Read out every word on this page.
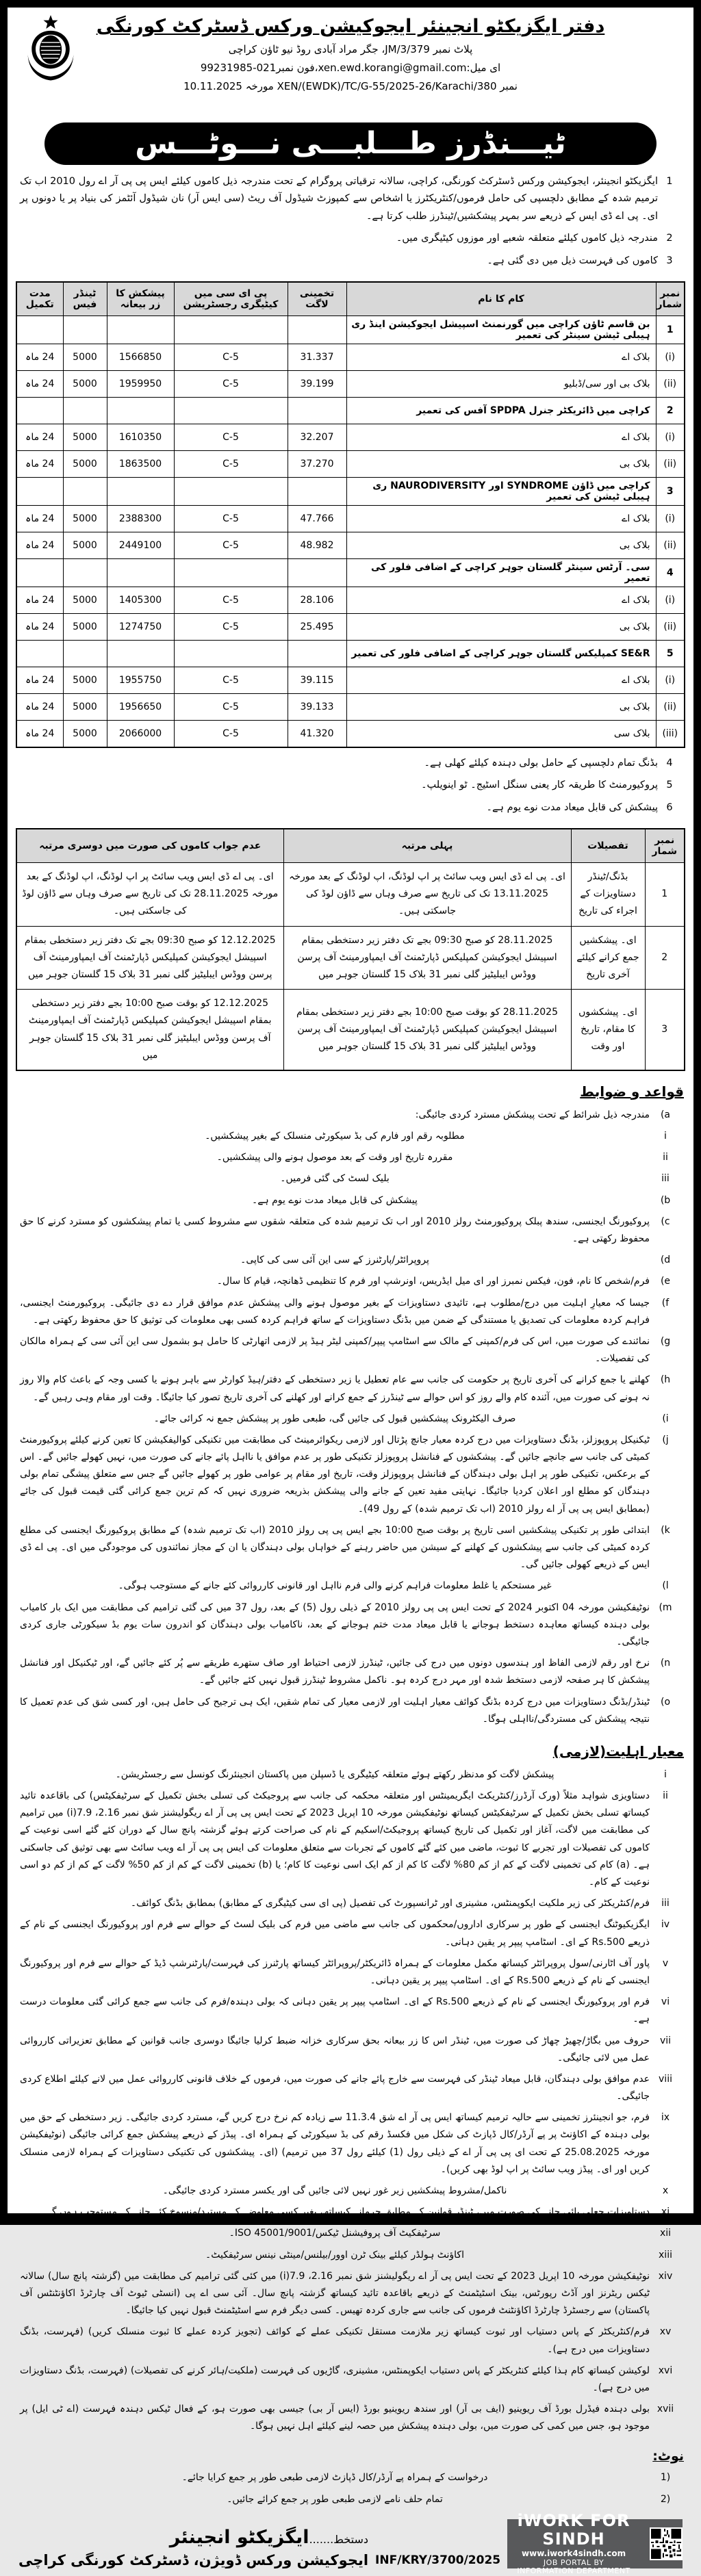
دفتر ایگزیکٹو انجینئر ایجوکیشن ورکس ڈسٹرکٹ کورنگی
پلاٹ نمبر JM/3/379، جگر مراد آبادی روڈ نیو ٹاؤن کراچی
ای میل:xen.ewd.korangi@gmail.com،فون نمبر021-99231985
نمبر XEN/(EWDK)/TC/G-55/2025-26/Karachi/380 مورخہ 10.11.2025
ٹیـــنڈرز طـــلبـــی نـــوٹـــس
1
ایگزیکٹو انجینئر، ایجوکیشن ورکس ڈسٹرکٹ کورنگی، کراچی، سالانہ ترقیاتی پروگرام کے تحت مندرجہ ذیل کاموں کیلئے ایس پی پی آر اے رول 2010 اب تک ترمیم شدہ کے مطابق دلچسپی کی حامل فرموں/کنٹریکٹرز یا اشخاص سے کمپوزٹ شیڈول آف ریٹ (سی ایس آر) نان شیڈول آئٹمز کی بنیاد پر یا دونوں پر ای۔ پی اے ڈی ایس کے ذریعے سر بمہر پیشکشیں/ٹینڈرز طلب کرتا ہے۔
2
مندرجہ ذیل کاموں کیلئے متعلقہ شعبے اور موزوں کیٹیگری میں۔
3
کاموں کی فہرست ذیل میں دی گئی ہے۔
نمبر شمار	کام کا نام	تخمینی لاگت	پی ای سی میں کیٹیگری رجسٹریشن	پیشکش کا زر بیعانہ	ٹینڈر فیس	مدت تکمیل
1	بن قاسم ٹاؤن کراچی میں گورنمنٹ اسپیشل ایجوکیشن اینڈ ری ہیبلی ٹیشن سینٹر کی تعمیر					
(i)	بلاک اے	31.337	C-5	1566850	5000	24 ماہ
(ii)	بلاک بی اور سی/ڈبلیو	39.199	C-5	1959950	5000	24 ماہ
2	کراچی میں ڈائریکٹر جنرل SPDPA آفس کی تعمیر					
(i)	بلاک اے	32.207	C-5	1610350	5000	24 ماہ
(ii)	بلاک بی	37.270	C-5	1863500	5000	24 ماہ
3	کراچی میں ڈاؤن SYNDROME اور NAURODIVERSITY ری ہیبلی ٹیشن کی تعمیر					
(i)	بلاک اے	47.766	C-5	2388300	5000	24 ماہ
(ii)	بلاک بی	48.982	C-5	2449100	5000	24 ماہ
4	سی۔ آرٹس سینٹر گلستان جوہر کراچی کے اضافی فلور کی تعمیر					
(i)	بلاک اے	28.106	C-5	1405300	5000	24 ماہ
(ii)	بلاک بی	25.495	C-5	1274750	5000	24 ماہ
5	SE&R کمپلیکس گلستان جوہر کراچی کے اضافی فلور کی تعمیر					
(i)	بلاک اے	39.115	C-5	1955750	5000	24 ماہ
(ii)	بلاک بی	39.133	C-5	1956650	5000	24 ماہ
(iii)	بلاک سی	41.320	C-5	2066000	5000	24 ماہ
4
بڈنگ تمام دلچسپی کے حامل بولی دہندہ کیلئے کھلی ہے۔
5
پروکیورمنٹ کا طریقہ کار یعنی سنگل اسٹیج۔ ٹو اینویلپ۔
6
پیشکش کی قابل میعاد مدت نوے یوم ہے۔
نمبر شمار	تفصیلات	پہلی مرتبہ	عدم جواب کاموں کی صورت میں دوسری مرتبہ
1	بڈنگ/ٹینڈر دستاویزات کے اجراء کی تاریخ	ای۔ پی اے ڈی ایس ویب سائٹ پر اپ لوڈنگ، اپ لوڈنگ کے بعد مورخہ 13.11.2025 تک کی تاریخ سے صرف وہاں سے ڈاؤن لوڈ کی جاسکتی ہیں۔	ای۔ پی اے ڈی ایس ویب سائٹ پر اپ لوڈنگ، اپ لوڈنگ کے بعد مورخہ 28.11.2025 تک کی تاریخ سے صرف وہاں سے ڈاؤن لوڈ کی جاسکتی ہیں۔
2	ای۔ پیشکشیں جمع کرانے کیلئے آخری تاریخ	28.11.2025 کو صبح 09:30 بجے تک دفتر زیر دستخطی بمقام اسپیشل ایجوکیشن کمپلیکس ڈپارٹمنٹ آف ایمپاورمینٹ آف پرسن ووڈس ایبلیٹیز گلی نمبر 31 بلاک 15 گلستان جوہر میں	12.12.2025 کو صبح 09:30 بجے تک دفتر زیر دستخطی بمقام اسپیشل ایجوکیشن کمپلیکس ڈپارٹمنٹ آف ایمپاورمینٹ آف پرسن ووڈس ایبلیٹیز گلی نمبر 31 بلاک 15 گلستان جوہر میں
3	ای۔ پیشکشوں کا مقام، تاریخ اور وقت	28.11.2025 کو بوقت صبح 10:00 بجے دفتر زیر دستخطی بمقام اسپیشل ایجوکیشن کمپلیکس ڈپارٹمنٹ آف ایمپاورمینٹ آف پرسن ووڈس ایبلیٹیز گلی نمبر 31 بلاک 15 گلستان جوہر میں	12.12.2025 کو بوقت صبح 10:00 بجے دفتر زیر دستخطی بمقام اسپیشل ایجوکیشن کمپلیکس ڈپارٹمنٹ آف ایمپاورمینٹ آف پرسن ووڈس ایبلیٹیز گلی نمبر 31 بلاک 15 گلستان جوہر میں
قواعد و ضوابط
(a
مندرجہ ذیل شرائط کے تحت پیشکش مسترد کردی جائیگی:
i
مطلوبہ رقم اور فارم کی بڈ سیکورٹی منسلک کے بغیر پیشکشیں۔
ii
مقررہ تاریخ اور وقت کے بعد موصول ہونے والی پیشکشیں۔
iii
بلیک لسٹ کی گئی فرمیں۔
(b
پیشکش کی قابل میعاد مدت نوے یوم ہے۔
(c
پروکیورنگ ایجنسی، سندھ پبلک پروکیورمنٹ رولز 2010 اور اب تک ترمیم شدہ کی متعلقہ شقوں سے مشروط کسی یا تمام پیشکشوں کو مسترد کرنے کا حق محفوظ رکھتی ہے۔
(d
پروپرائٹر/پارٹنرز کے سی این آئی سی کی کاپی۔
(e
فرم/شخص کا نام، فون، فیکس نمبرز اور ای میل ایڈریس، اونرشپ اور فرم کا تنظیمی ڈھانچہ، قیام کا سال۔
(f
جیسا کہ معیارِ اہلیت میں درج/مطلوب ہے، تائیدی دستاویزات کے بغیر موصول ہونے والی پیشکش عدم موافق قرار دے دی جائیگی۔ پروکیورمنٹ ایجنسی، فراہم کردہ معلومات کی تصدیق یا مستندگی کے ضمن میں بڈنگ دستاویزات کے ساتھ فراہم کردہ کسی بھی معلومات کی توثیق کا حق محفوظ رکھتی ہے۔
(g
نمائندے کی صورت میں، اس کی فرم/کمپنی کے مالک سے اسٹامپ پیپر/کمپنی لیٹر ہیڈ پر لازمی اتھارٹی کا حامل ہو بشمول سی این آئی سی کے ہمراہ مالکان کی تفصیلات۔
(h
کھلنے یا جمع کرانے کی آخری تاریخ پر حکومت کی جانب سے عام تعطیل یا زیر دستخطی کے دفتر/ہیڈ کوارٹر سے باہر ہونے یا کسی وجہ کے باعث کام والا روز نہ ہونے کی صورت میں، آئندہ کام والے روز کو اس حوالے سے ٹینڈرز کے جمع کرانے اور کھلنے کی آخری تاریخ تصور کیا جائیگا۔ وقت اور مقام وہی رہیں گے۔
(i
صرف الیکٹرونک پیشکشیں قبول کی جائیں گی، طبعی طور پر پیشکش جمع نہ کرائی جائے۔
(j
ٹیکنیکل پروپوزلز، بڈنگ دستاویزات میں درج کردہ معیار جانچ پڑتال اور لازمی ریکوائرمینٹ کی مطابقت میں تکنیکی کوالیفکیشن کا تعین کرنے کیلئے پروکیورمنٹ کمیٹی کی جانب سے جانچے جائیں گے۔ پیشکشوں کے فنانشل پروپوزلز تکنیکی طور پر عدم موافق یا نااہل پائے جانے کی صورت میں، نہیں کھولے جائیں گے۔ اس کے برعکس، تکنیکی طور پر اہل بولی دہندگان کے فنانشل پروپوزلز وقت، تاریخ اور مقام پر عوامی طور پر کھولے جائیں گے جس سے متعلق پیشگی تمام بولی دہندگان کو مطلع اور اعلان کردیا جائیگا۔ نہایتی مفید تعین کے جانے والی پیشکش بذریعہ ضروری نہیں کہ کم ترین جمع کرائی گئی قیمت قبول کی جائے (بمطابق ایس پی پی آر اے رولز 2010 (اب تک ترمیم شدہ) کے رول 49)۔
(k
ابتدائی طور پر تکنیکی پیشکشیں اسی تاریخ پر بوقت صبح 10:00 بجے ایس پی پی رولز 2010 (اب تک ترمیم شدہ) کے مطابق پروکیورنگ ایجنسی کی مطلع کردہ کمیٹی کی جانب سے پیشکشوں کے کھلنے کے سیشن میں حاضر رہنے کے خواہاں بولی دہندگان یا ان کے مجاز نمائندوں کی موجودگی میں ای۔ پی اے ڈی ایس کے ذریعے کھولی جائیں گی۔
(l
غیر مستحکم یا غلط معلومات فراہم کرنے والی فرم نااہل اور قانونی کارروائی کئے جانے کے مستوجب ہوگی۔
(m
نوٹیفکیشن مورخہ 04 اکتوبر 2024 کے تحت ایس پی پی رولز 2010 کے ذیلی رول (5) کے بعد، رول 37 میں کی گئی ترامیم کی مطابقت میں ایک بار کامیاب بولی دہندہ کیساتھ معاہدہ دستخط ہوجانے یا قابل میعاد مدت ختم ہوجانے کے بعد، ناکامیاب بولی دہندگان کو اندرون سات یوم بڈ سیکورٹی جاری کردی جائیگی۔
(n
نرخ اور رقم لازمی الفاظ اور ہندسوں دونوں میں درج کی جائیں، ٹینڈرز لازمی احتیاط اور صاف ستھرے طریقے سے پُر کئے جائیں گے، اور ٹیکنیکل اور فنانشل پیشکش کا ہر صفحہ لازمی دستخط شدہ اور مہر درج کردہ ہو۔ ناکمل مشروط ٹینڈرز قبول نہیں کئے جائیں گے۔
(o
ٹینڈر/بڈنگ دستاویزات میں درج کردہ بڈنگ کوائف معیار اہلیت اور لازمی معیار کی تمام شقیں، ایک ہی ترجیح کی حامل ہیں، اور کسی شق کی عدم تعمیل کا نتیجہ پیشکش کی مستردگی/نااہلی ہوگا۔
معیار اہلیت(لازمی)
i
پیشکش لاگت کو مدنظر رکھتے ہوئے متعلقہ کیٹیگری یا ڈسپلن میں پاکستان انجینئرنگ کونسل سے رجسٹریشن۔
ii
دستاویزی شواہد مثلاً (ورک آرڈرز/کنٹریکٹ ایگریمینٹس اور متعلقہ محکمہ کی جانب سے پروجیکٹ کی تسلی بخش تکمیل کے سرٹیفکیٹس) کی باقاعدہ تائید کیساتھ تسلی بخش تکمیل کے سرٹیفکیٹس کیساتھ نوٹیفکیشن مورخہ 10 اپریل 2023 کے تحت ایس پی پی آر اے ریگولیشنز شق نمبر 2.16، 7.9(i) میں ترامیم کی مطابقت میں لاگت، آغاز اور تکمیل کی تاریخ کیساتھ پروجیکٹ/اسکیم کے نام کی صراحت کرتے ہوئے گزشتہ پانچ سال کے دوران کئے گئے اسی نوعیت کے کاموں کی تفصیلات اور تجربے کا ثبوت، ماضی میں کئے گئے کاموں کے تجربات سے متعلق معلومات کی ایس پی پی آر اے ویب سائٹ سے بھی توثیق کی جاسکتی ہے۔ (a) کام کی تخمینی لاگت کے کم از کم 80% لاگت کا کم از کم ایک اسی نوعیت کا کام؛ یا (b) تخمینی لاگت کے کم از کم 50% لاگت کے کم از کم دو اسی نوعیت کے کام۔
iii
فرم/کنٹریکٹر کی زیر ملکیت ایکوپمنٹس، مشینری اور ٹرانسپورٹ کی تفصیل (پی ای سی کیٹیگری کے مطابق) بمطابق بڈنگ کوائف۔
iv
ایگزیکیوٹنگ ایجنسی کے طور پر سرکاری اداروں/محکموں کی جانب سے ماضی میں فرم کی بلیک لسٹ کے حوالے سے فرم اور پروکیورنگ ایجنسی کے نام کے ذریعے Rs.500 کے ای۔ اسٹامپ پیپر پر یقین دہانی۔
v
پاور آف اٹارنی/سول پروپرائٹر کیساتھ مکمل معلومات کے ہمراہ ڈائریکٹر/پروپرائٹر کیساتھ پارٹنرز کی فہرست/پارٹنرشپ ڈیڈ کے حوالے سے فرم اور پروکیورنگ ایجنسی کے نام کے ذریعے Rs.500 کے ای۔ اسٹامپ پیپر پر یقین دہانی۔
vi
فرم اور پروکیورنگ ایجنسی کے نام کے ذریعے Rs.500 کے ای۔ اسٹامپ پیپر پر یقین دہانی کہ بولی دہندہ/فرم کی جانب سے جمع کرائی گئی معلومات درست ہے۔
vii
حروف میں بگاڑ/چھیڑ چھاڑ کی صورت میں، ٹینڈر اس کا زر بیعانہ بحق سرکاری خزانہ ضبط کرلیا جائیگا دوسری جانب قوانین کے مطابق تعزیراتی کارروائی عمل میں لائی جائیگی۔
viii
عدم موافق بولی دہندگان، قابل میعاد ٹینڈر کی فہرست سے خارج پائے جانے کی صورت میں، فرموں کے خلاف قانونی کارروائی عمل میں لانے کیلئے اطلاع کردی جائیگی۔
ix
فرم، جو انجینئرز تخمینی سے حالیہ ترمیم کیساتھ ایس پی آر اے شق 11.3.4 سے زیادہ کم نرخ درج کریں گے، مسترد کردی جائیگی۔ زیر دستخطی کے حق میں بولی دہندہ کے اکاؤنٹ پر پے آرڈر/کال ڈپازٹ کی شکل میں فکسڈ رقم کی بڈ سیکورٹی کے ہمراہ ای۔ پیڈز کے ذریعے پیشکش جمع کرائی جائیگی (نوٹیفکیشن مورخہ 25.08.2025 کے تحت ای پی پی آر اے کے ذیلی رول (1) کیلئے رول 37 میں ترمیم) (ای۔ پیشکشوں کی تکنیکی دستاویزات کے ہمراہ لازمی منسلک کریں اور ای۔ پیڈز ویب سائٹ پر اپ لوڈ بھی کریں)۔
x
ناکمل/مشروط پیشکشیں زیر غور نہیں لائی جائیں گی اور یکسر مسترد کردی جائیگی۔
xi
دستاویزات جعلی پائی جانے کی صورت میں، ٹینڈر قوانین کے مطابق جرمانے کیساتھ، بغیر کسی معاوضے کے مسترد/منسوخ کئے جانے کے مستوجب ہوں گے۔
xii
سرٹیفکیٹ آف پروفیشنل ٹیکس/ISO 45001/9001۔
xiii
اکاؤنٹ ہولڈر کیلئے بینک ٹرن اوور/بیلنس/مینٹی نینس سرٹیفکیٹ۔
xiv
نوٹیفکیشن مورخہ 10 اپریل 2023 کے تحت ایس پی آر اے ریگولیشنز شق نمبر 2.16، 7.9(i) میں کئی گئی ترامیم کی مطابقت میں (گزشتہ پانچ سال) سالانہ ٹیکس ریٹرنز اور آڈٹ رپورٹس، بینک اسٹیٹمنٹ کے ذریعے باقاعدہ تائید کیساتھ گزشتہ پانچ سال۔ آئی سی اے پی (انسٹی ٹیوٹ آف چارٹرڈ اکاؤنٹنٹس آف پاکستان) سے رجسٹرڈ چارٹرڈ اکاؤنٹنٹ فرموں کی جانب سے جاری کردہ تھیس۔ کسی دیگر فرم سے اسٹیٹمنٹ قبول نہیں کیا جائیگا۔
xv
فرم/کنٹریکٹر کے پاس دستیاب اور ثبوت کیساتھ زیر ملازمت مستقل تکنیکی عملے کے کوائف (تجویز کردہ عملے کا ثبوت منسلک کریں) (فہرست، بڈنگ دستاویزات میں درج ہے)۔
xvi
لوکیشن کیساتھ کام ہذا کیلئے کنٹریکٹر کے پاس دستیاب ایکوپمنٹس، مشینری، گاڑیوں کی فہرست (ملکیت/ہائر کرنے کی تفصیلات) (فہرست، بڈنگ دستاویزات میں درج ہے)۔
xvii
بولی دہندہ فیڈرل بورڈ آف ریوینیو (ایف بی آر) اور سندھ ریوینیو بورڈ (ایس آر بی) جیسی بھی صورت ہو، کے فعال ٹیکس دہندہ فہرست (اے ٹی ایل) پر موجود ہو، جس میں کمی کی صورت میں، بولی دہندہ پیشکش میں حصہ لینے کیلئے اہل نہیں ہوگا۔
نوٹ:
1)
درخواست کے ہمراہ پے آرڈر/کال ڈپازٹ لازمی طبعی طور پر جمع کرایا جائے۔
2)
تمام حلف نامے لازمی طبعی طور پر جمع کرائے جائیں۔
دستخط.......ایگزیکٹو انجینئر
ایجوکیشن ورکس ڈویژن، ڈسٹرکٹ کورنگی کراچی INF/KRY/3700/2025
iWORK FOR SINDH
www.iwork4sindh.com
JOB PORTAL BY
INFORMATION DEPARTMENT
